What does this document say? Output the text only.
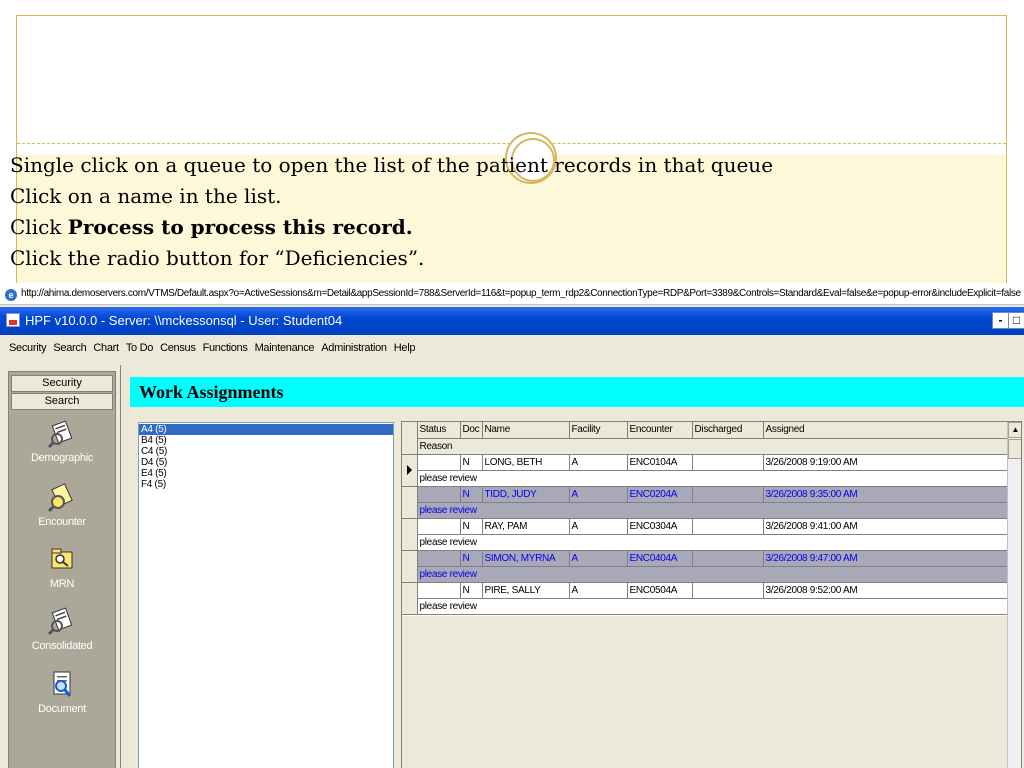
Single click on a queue to open the list of the patient records in that queue
Click on a name in the list.
Click Process to process this record.
Click the radio button for “Deficiencies”.
e http://ahima.demoservers.com/VTMS/Default.aspx?o=ActiveSessions&m=Detail&appSessionId=788&ServerId=116&t=popup_term_rdp2&ConnectionType=RDP&Port=3389&Controls=Standard&Eval=false&e=popup-error&includeExplicit=false
HPF v10.0.0 - Server: \\mckessonsql - User: Student04	- □
Security Search Chart To Do Census Functions Maintenance Administration Help
Security
Search
Demographic
Encounter
MRN
Consolidated
Document
Work Assignments
A4 (5)
B4 (5)
C4 (5)
D4 (5)
E4 (5)
F4 (5)
	Status	Doc	Name	Facility	Encounter	Discharged	Assigned
	Reason						
		N	LONG, BETH	A	ENC0104A		3/26/2008 9:19:00 AM
	please review						
		N	TIDD, JUDY	A	ENC0204A		3/26/2008 9:35:00 AM
	please review						
		N	RAY, PAM	A	ENC0304A		3/26/2008 9:41:00 AM
	please review						
		N	SIMON, MYRNA	A	ENC0404A		3/26/2008 9:47:00 AM
	please review						
		N	PIRE, SALLY	A	ENC0504A		3/26/2008 9:52:00 AM
	please review						
▲
